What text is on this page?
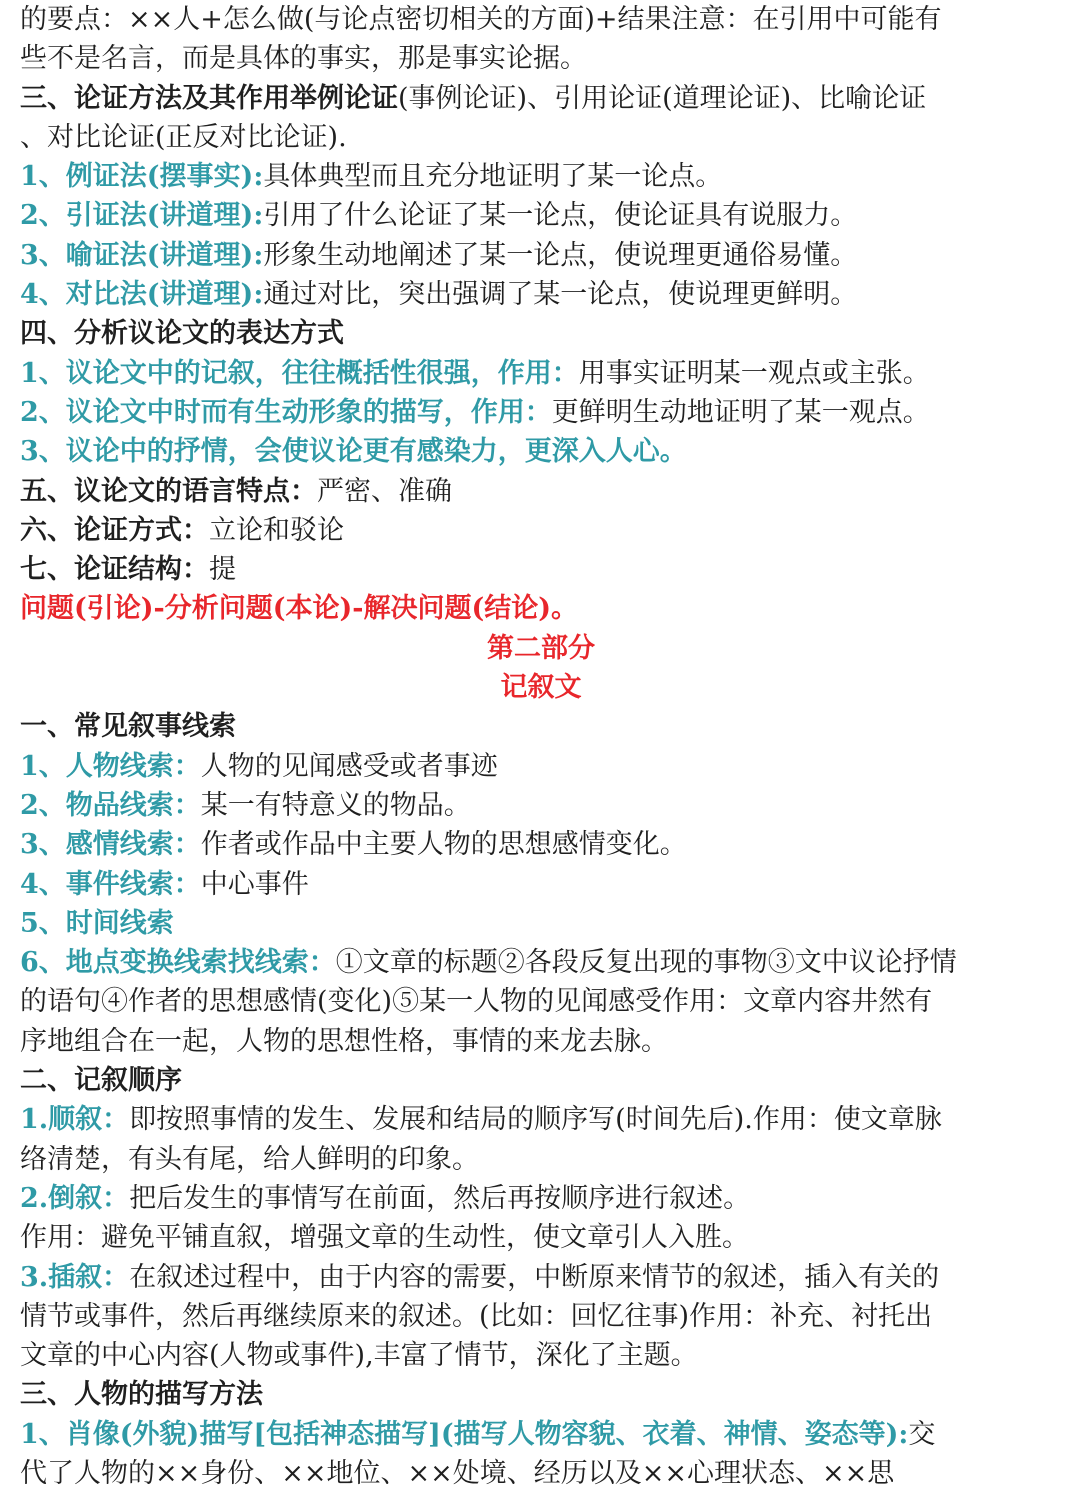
的要点：××人+怎么做(与论点密切相关的方面)+结果注意：在引用中可能有
些不是名言，而是具体的事实，那是事实论据。
三、论证方法及其作用举例论证(事例论证)、引用论证(道理论证)、比喻论证
、对比论证(正反对比论证).
1、例证法(摆事实):具体典型而且充分地证明了某一论点。
2、引证法(讲道理):引用了什么论证了某一论点，使论证具有说服力。
3、喻证法(讲道理):形象生动地阐述了某一论点，使说理更通俗易懂。
4、对比法(讲道理):通过对比，突出强调了某一论点，使说理更鲜明。
四、分析议论文的表达方式
1、议论文中的记叙，往往概括性很强，作用：用事实证明某一观点或主张。
2、议论文中时而有生动形象的描写，作用：更鲜明生动地证明了某一观点。
3、议论中的抒情，会使议论更有感染力，更深入人心。
五、议论文的语言特点：严密、准确
六、论证方式：立论和驳论
七、论证结构：提
问题(引论)-分析问题(本论)-解决问题(结论)。
第二部分
记叙文
一、常见叙事线索
1、人物线索：人物的见闻感受或者事迹
2、物品线索：某一有特意义的物品。
3、感情线索：作者或作品中主要人物的思想感情变化。
4、事件线索：中心事件
5、时间线索
6、地点变换线索找线索：①文章的标题②各段反复出现的事物③文中议论抒情
的语句④作者的思想感情(变化)⑤某一人物的见闻感受作用：文章内容井然有
序地组合在一起，人物的思想性格，事情的来龙去脉。
二、记叙顺序
1.顺叙：即按照事情的发生、发展和结局的顺序写(时间先后).作用：使文章脉
络清楚，有头有尾，给人鲜明的印象。
2.倒叙：把后发生的事情写在前面，然后再按顺序进行叙述。
作用：避免平铺直叙，增强文章的生动性，使文章引人入胜。
3.插叙：在叙述过程中，由于内容的需要，中断原来情节的叙述，插入有关的
情节或事件，然后再继续原来的叙述。(比如：回忆往事)作用：补充、衬托出
文章的中心内容(人物或事件),丰富了情节，深化了主题。
三、人物的描写方法
1、肖像(外貌)描写[包括神态描写](描写人物容貌、衣着、神情、姿态等):交
代了人物的××身份、××地位、××处境、经历以及××心理状态、××思
